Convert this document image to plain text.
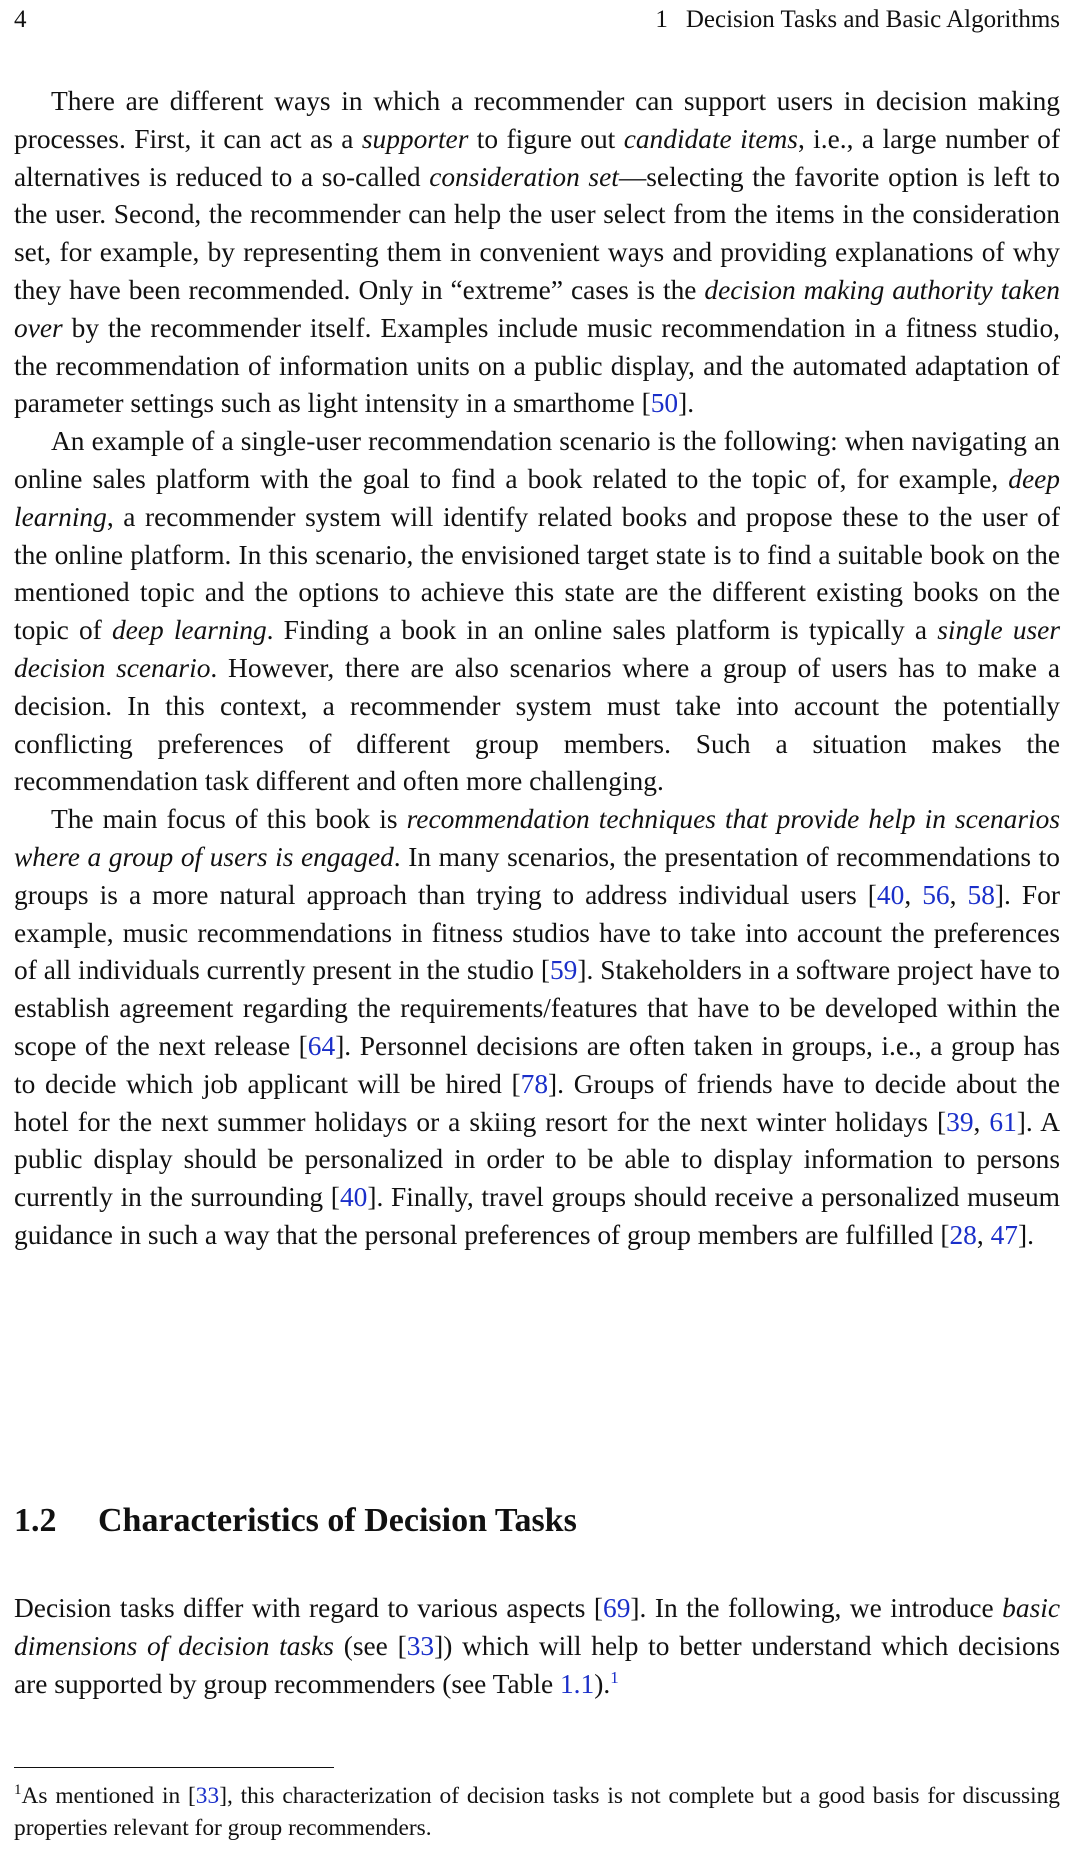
4	1 Decision Tasks and Basic Algorithms

There are different ways in which a recommender can support users in decision making processes. First, it can act as a supporter to figure out candidate items, i.e., a large number of alternatives is reduced to a so-called consideration set—selecting the favorite option is left to the user. Second, the recommender can help the user select from the items in the consideration set, for example, by representing them in convenient ways and providing explanations of why they have been recommended. Only in “extreme” cases is the decision making authority taken over by the recommender itself. Examples include music recommendation in a fitness studio, the recommendation of information units on a public display, and the automated adaptation of parameter settings such as light intensity in a smarthome [50].

An example of a single-user recommendation scenario is the following: when navigating an online sales platform with the goal to find a book related to the topic of, for example, deep learning, a recommender system will identify related books and propose these to the user of the online platform. In this scenario, the envisioned target state is to find a suitable book on the mentioned topic and the options to achieve this state are the different existing books on the topic of deep learning. Finding a book in an online sales platform is typically a single user decision scenario. However, there are also scenarios where a group of users has to make a decision. In this context, a recommender system must take into account the potentially conflicting preferences of different group members. Such a situation makes the recommendation task different and often more challenging.

The main focus of this book is recommendation techniques that provide help in scenarios where a group of users is engaged. In many scenarios, the presentation of recommendations to groups is a more natural approach than trying to address individual users [40, 56, 58]. For example, music recommendations in fitness studios have to take into account the preferences of all individuals currently present in the studio [59]. Stakeholders in a software project have to establish agreement regarding the requirements/features that have to be developed within the scope of the next release [64]. Personnel decisions are often taken in groups, i.e., a group has to decide which job applicant will be hired [78]. Groups of friends have to decide about the hotel for the next summer holidays or a skiing resort for the next winter holidays [39, 61]. A public display should be personalized in order to be able to display information to persons currently in the surrounding [40]. Finally, travel groups should receive a personalized museum guidance in such a way that the personal preferences of group members are fulfilled [28, 47].

1.2 Characteristics of Decision Tasks

Decision tasks differ with regard to various aspects [69]. In the following, we introduce basic dimensions of decision tasks (see [33]) which will help to better understand which decisions are supported by group recommenders (see Table 1.1).$^1$

$^1$As mentioned in [33], this characterization of decision tasks is not complete but a good basis for discussing properties relevant for group recommenders.
